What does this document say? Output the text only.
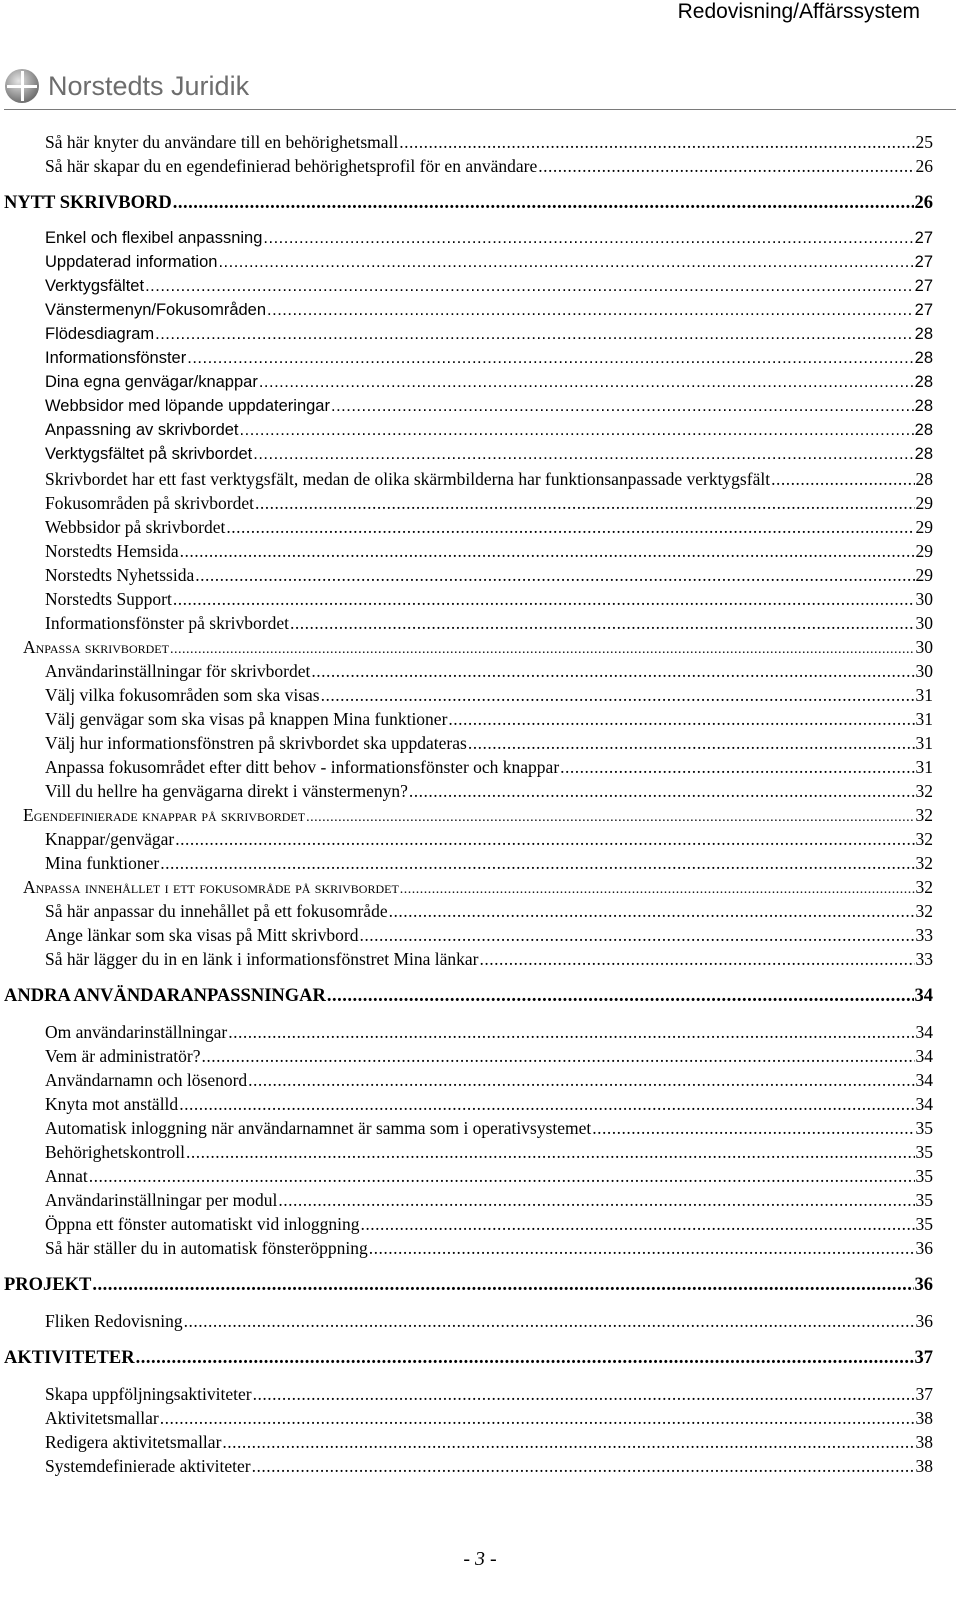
Redovisning/Affärssystem
Norstedts Juridik
Så här knyter du användare till en behörighetsmall .....	25
Så här skapar du en egendefinierad behörighetsprofil för en användare .....	26
NYTT SKRIVBORD .....	26
Enkel och flexibel anpassning .....	27
Uppdaterad information .....	27
Verktygsfältet .....	27
Vänstermenyn/Fokusområden .....	27
Flödesdiagram .....	28
Informationsfönster .....	28
Dina egna genvägar/knappar .....	28
Webbsidor med löpande uppdateringar .....	28
Anpassning av skrivbordet .....	28
Verktygsfältet på skrivbordet .....	28
Skrivbordet har ett fast verktygsfält, medan de olika skärmbilderna har funktionsanpassade verktygsfält .....	28
Fokusområden på skrivbordet .....	29
Webbsidor på skrivbordet .....	29
Norstedts Hemsida .....	29
Norstedts Nyhetssida .....	29
Norstedts Support .....	30
Informationsfönster på skrivbordet .....	30
Anpassa skrivbordet .....	30
Användarinställningar för skrivbordet .....	30
Välj vilka fokusområden som ska visas .....	31
Välj genvägar som ska visas på knappen Mina funktioner .....	31
Välj hur informationsfönstren på skrivbordet ska uppdateras .....	31
Anpassa fokusområdet efter ditt behov - informationsfönster och knappar .....	31
Vill du hellre ha genvägarna direkt i vänstermenyn? .....	32
Egendefinierade knappar på skrivbordet .....	32
Knappar/genvägar .....	32
Mina funktioner .....	32
Anpassa innehållet i ett fokusområde på skrivbordet .....	32
Så här anpassar du innehållet på ett fokusområde .....	32
Ange länkar som ska visas på Mitt skrivbord .....	33
Så här lägger du in en länk i informationsfönstret Mina länkar .....	33
ANDRA ANVÄNDARANPASSNINGAR .....	34
Om användarinställningar .....	34
Vem är administratör? .....	34
Användarnamn och lösenord .....	34
Knyta mot anställd .....	34
Automatisk inloggning när användarnamnet är samma som i operativsystemet .....	35
Behörighetskontroll .....	35
Annat .....	35
Användarinställningar per modul .....	35
Öppna ett fönster automatiskt vid inloggning .....	35
Så här ställer du in automatisk fönsteröppning .....	36
PROJEKT .....	36
Fliken Redovisning .....	36
AKTIVITETER .....	37
Skapa uppföljningsaktiviteter .....	37
Aktivitetsmallar .....	38
Redigera aktivitetsmallar .....	38
Systemdefinierade aktiviteter .....	38
- 3 -
